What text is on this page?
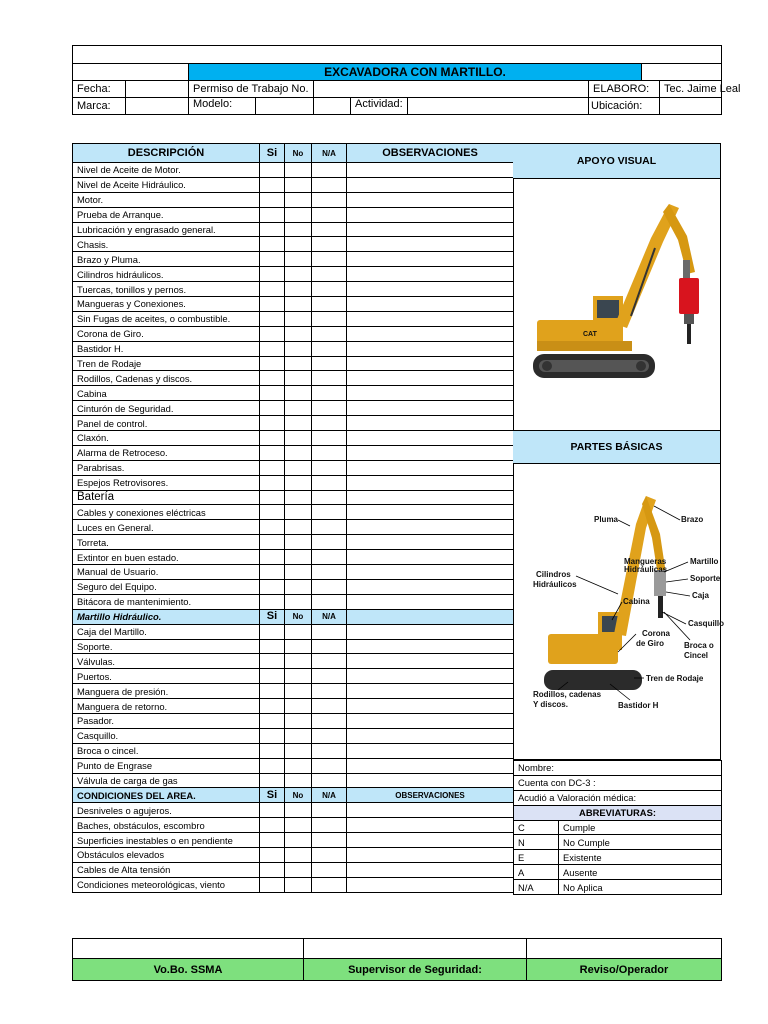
		EXCAVADORA CON MARTILLO.					
Fecha:		Permiso de Trabajo No.			ELABORO:		Tec. Jaime Leal
Marca:		Modelo:	Actividad:		Ubicación:		
DESCRIPCIÓN	Si	No	N/A	OBSERVACIONES
Nivel de Aceite de Motor.				
Nivel de Aceite Hidráulico.				
Motor.				
Prueba de Arranque.				
Lubricación y engrasado general.				
Chasis.				
Brazo y Pluma.				
Cilindros hidráulicos.				
Tuercas, tonillos y pernos.				
Mangueras y Conexiones.				
Sin Fugas de aceites, o combustible.				
Corona de Giro.				
Bastidor H.				
Tren de Rodaje				
Rodillos, Cadenas y discos.				
Cabina				
Cinturón de Seguridad.				
Panel de control.				
Claxón.				
Alarma de Retroceso.				
Parabrisas.				
Espejos Retrovisores.				
Batería				
Cables y conexiones eléctricas				
Luces en General.				
Torreta.				
Extintor en buen estado.				
Manual de Usuario.				
Seguro del Equipo.				
Bitácora de mantenimiento.				
Martillo Hidráulico.	Si	No	N/A	
Caja del Martillo.				
Soporte.				
Válvulas.				
Puertos.				
Manguera de presión.				
Manguera de retorno.				
Pasador.				
Casquillo.				
Broca o cincel.				
Punto de Engrase				
Válvula de carga de gas				
CONDICIONES DEL AREA.	Si	No	N/A	OBSERVACIONES
Desniveles o agujeros.				
Baches, obstáculos, escombro				
Superficies inestables o en pendiente				
Obstáculos elevados				
Cables de Alta tensión				
Condiciones meteorológicas, viento				
APOYO VISUAL
CAT
PARTES BÁSICAS
Pluma	Brazo
Mangueras
Hidráulicas
Martillo
Soporte
Cilindros
Hidráulicos
Cabina
Caja
Casquillo
Corona
de Giro Broca o
Cincel
Tren de Rodaje
Rodillos, cadenas
Y discos.	Bastidor H
Nombre:	
Cuenta con DC-3 :	
Acudió a Valoración médica:	
ABREVIATURAS:	
C	Cumple
N	No Cumple
E	Existente
A	Ausente
N/A	No Aplica

Vo.Bo. SSMA	Supervisor de Seguridad:	Reviso/Operador
